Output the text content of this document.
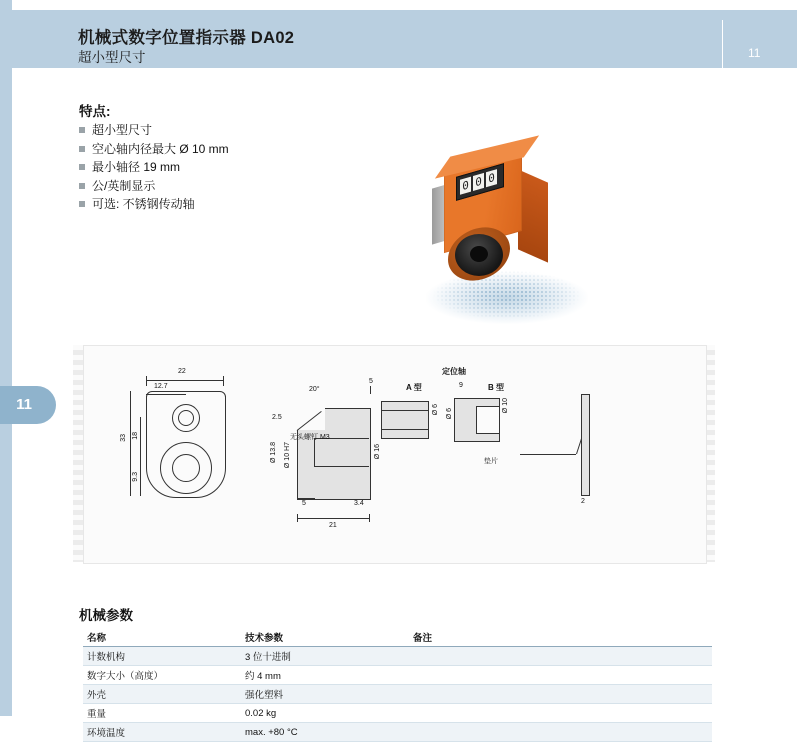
机械式数字位置指示器 DA02
超小型尺寸	11
特点:
超小型尺寸
空心轴内径最大 Ø 10 mm
最小轴径 19 mm
公/英制显示
可选: 不锈钢传动轴
0 0 0
11
22
12.7
33 18
9.3
20°
2.5
Ø 13.8 Ø 10 H7
无头螺钉 M3
Ø 16
21
5	3.4
5
A 型
Ø 6 Ø 6
B 型
9
定位轴
Ø 10
垫片
2
机械参数
名称	技术参数	备注
计数机构	3 位十进制	
数字大小（高度）	约 4 mm	
外壳	强化塑料	
重量	0.02 kg	
环境温度	max. +80 °C	
